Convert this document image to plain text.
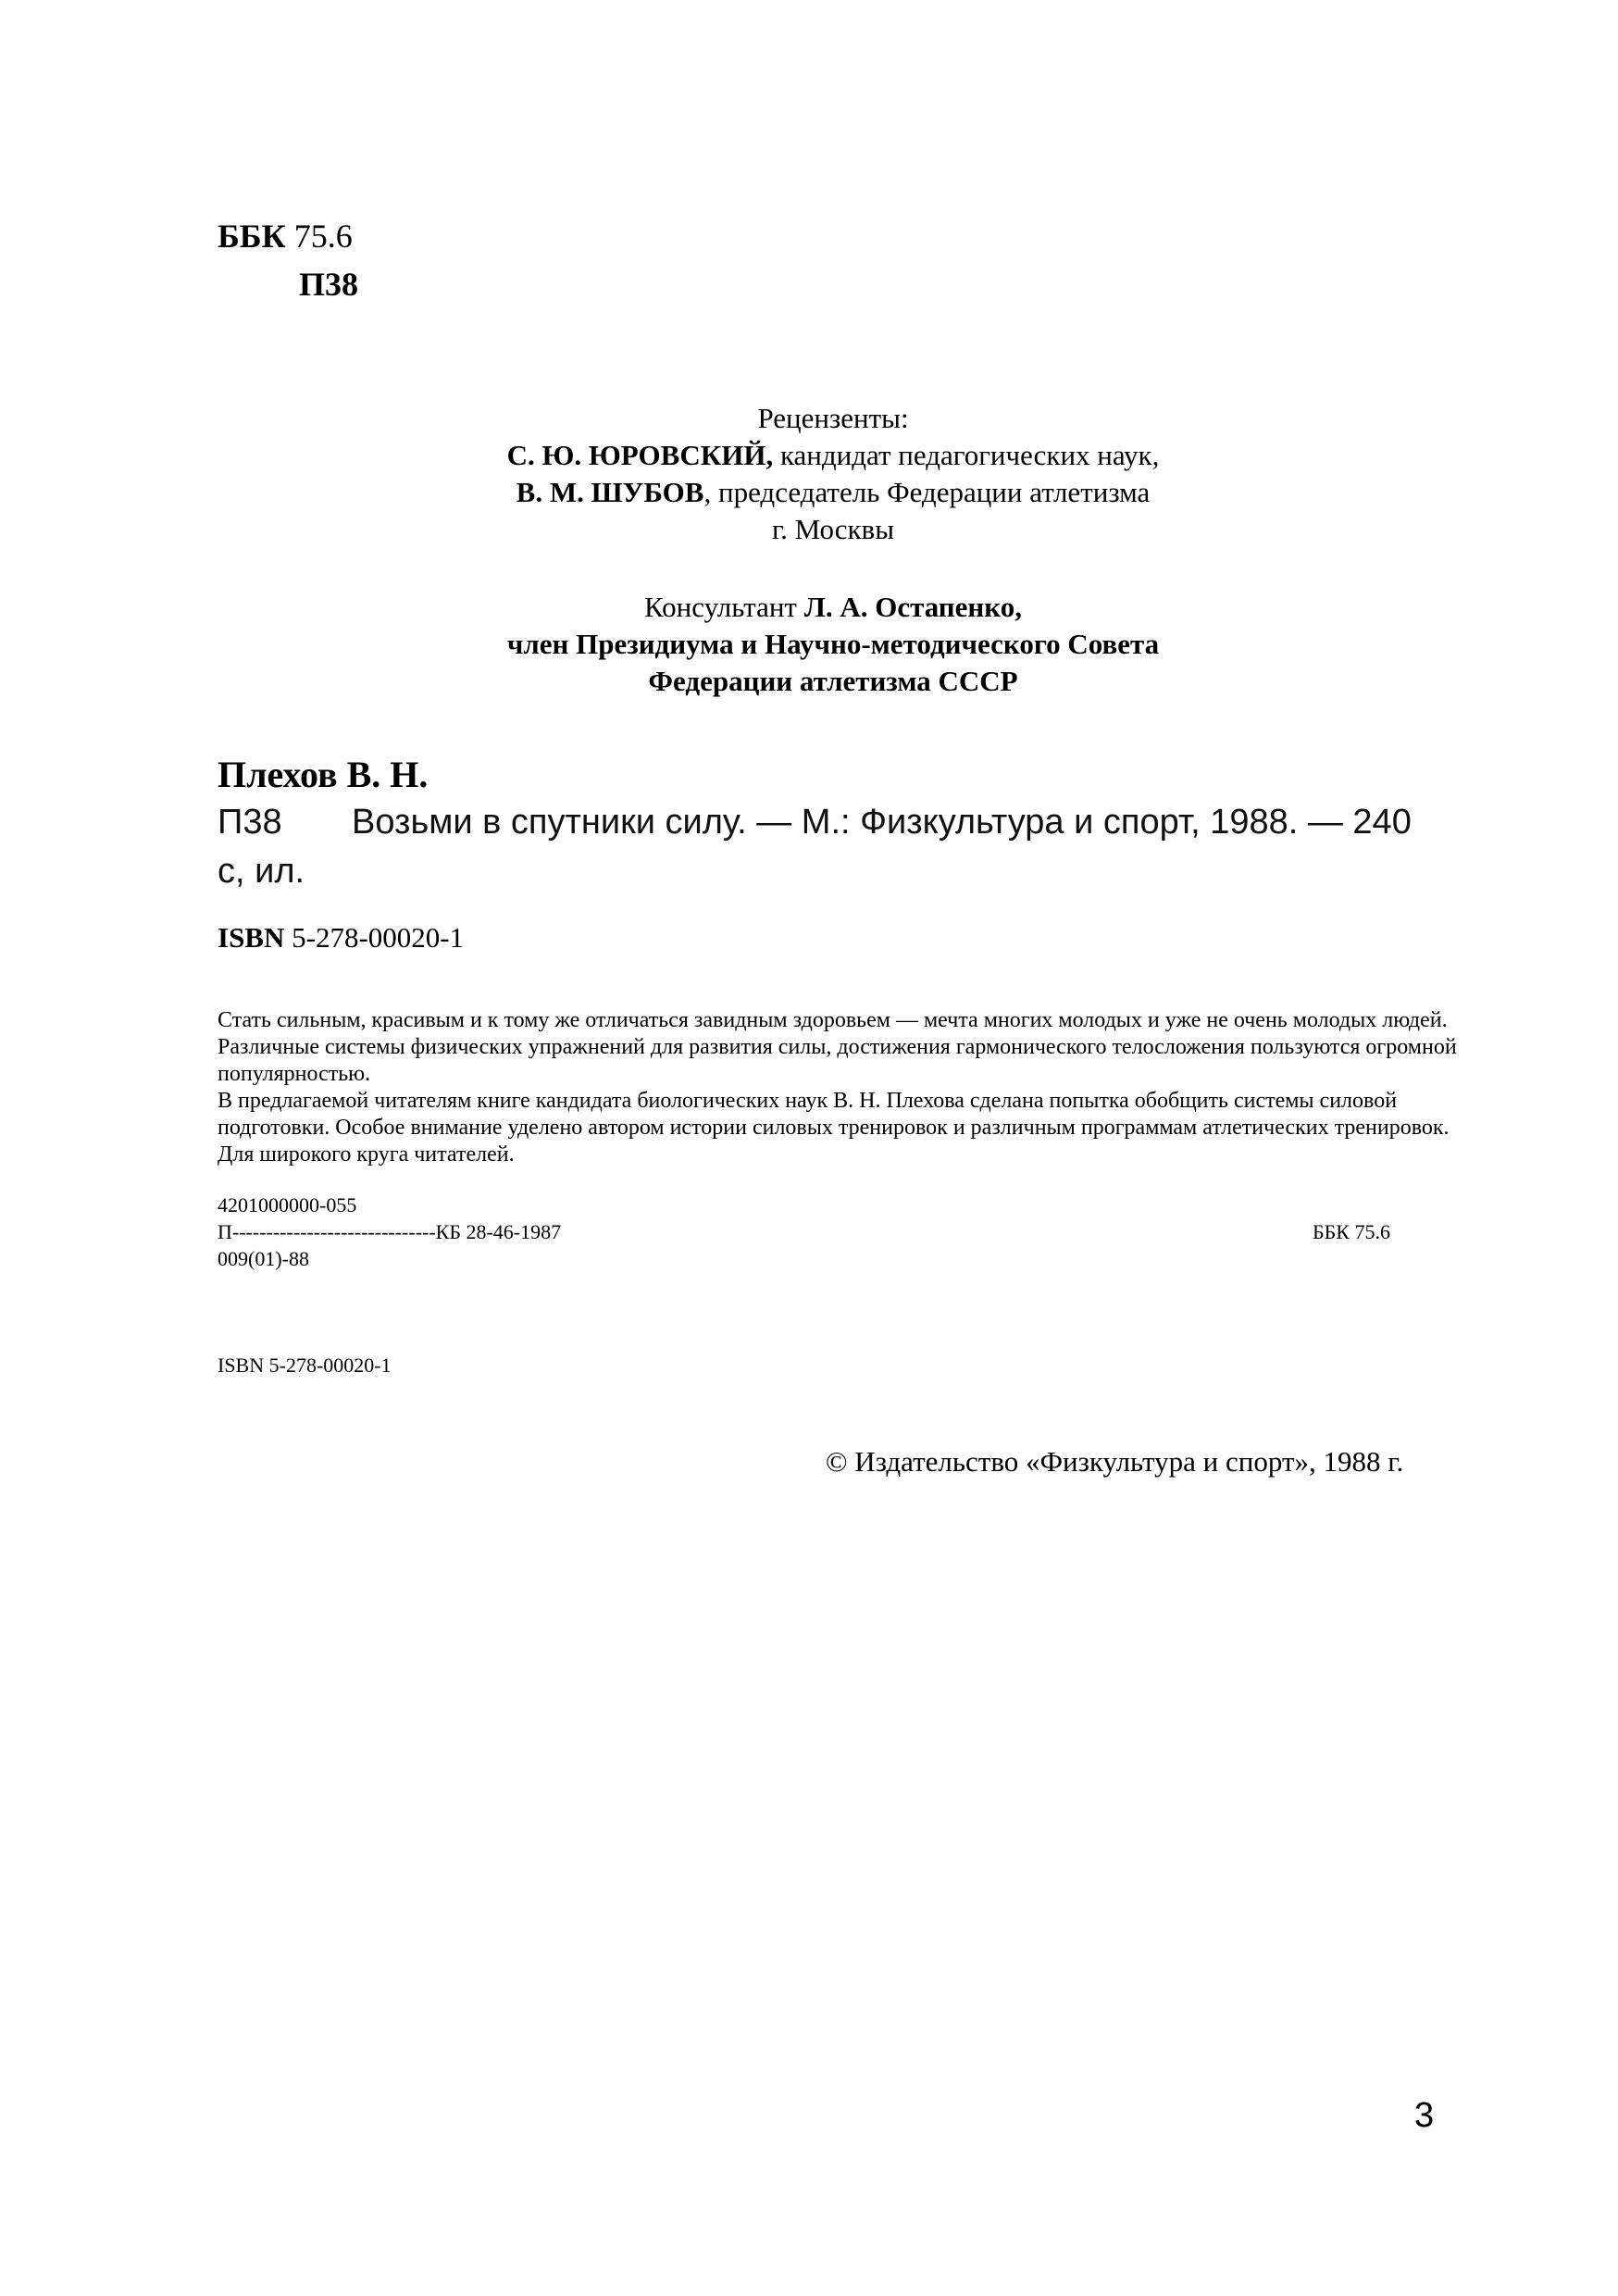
ББК 75.6
П38
Рецензенты:
С. Ю. ЮРОВСКИЙ, кандидат педагогических наук,
В. М. ШУБОВ, председатель Федерации атлетизма
г. Москвы
Консультант Л. А. Остапенко,
член Президиума и Научно-методического Совета
Федерации атлетизма СССР
Плехов В. Н.
П38	Возьми в спутники силу. — М.: Физкультура и спорт, 1988. — 240
с, ил.
ISBN 5-278-00020-1

Стать сильным, красивым и к тому же отличаться завидным здоровьем — мечта многих молодых и уже не очень молодых людей. Различные системы физических упражнений для развития силы, достижения гармонического телосложения пользуются огромной популярностью.

В предлагаемой читателям книге кандидата биологических наук В. Н. Плехова сделана попытка обобщить системы силовой подготовки. Особое внимание уделено автором истории силовых тренировок и различным программам атлетических тренировок. Для широкого круга читателей.

4201000000-055
П------------------------------КБ 28-46-1987	ББК 75.6
009(01)-88
ISBN 5-278-00020-1
© Издательство «Физкультура и спорт», 1988 г.
3
